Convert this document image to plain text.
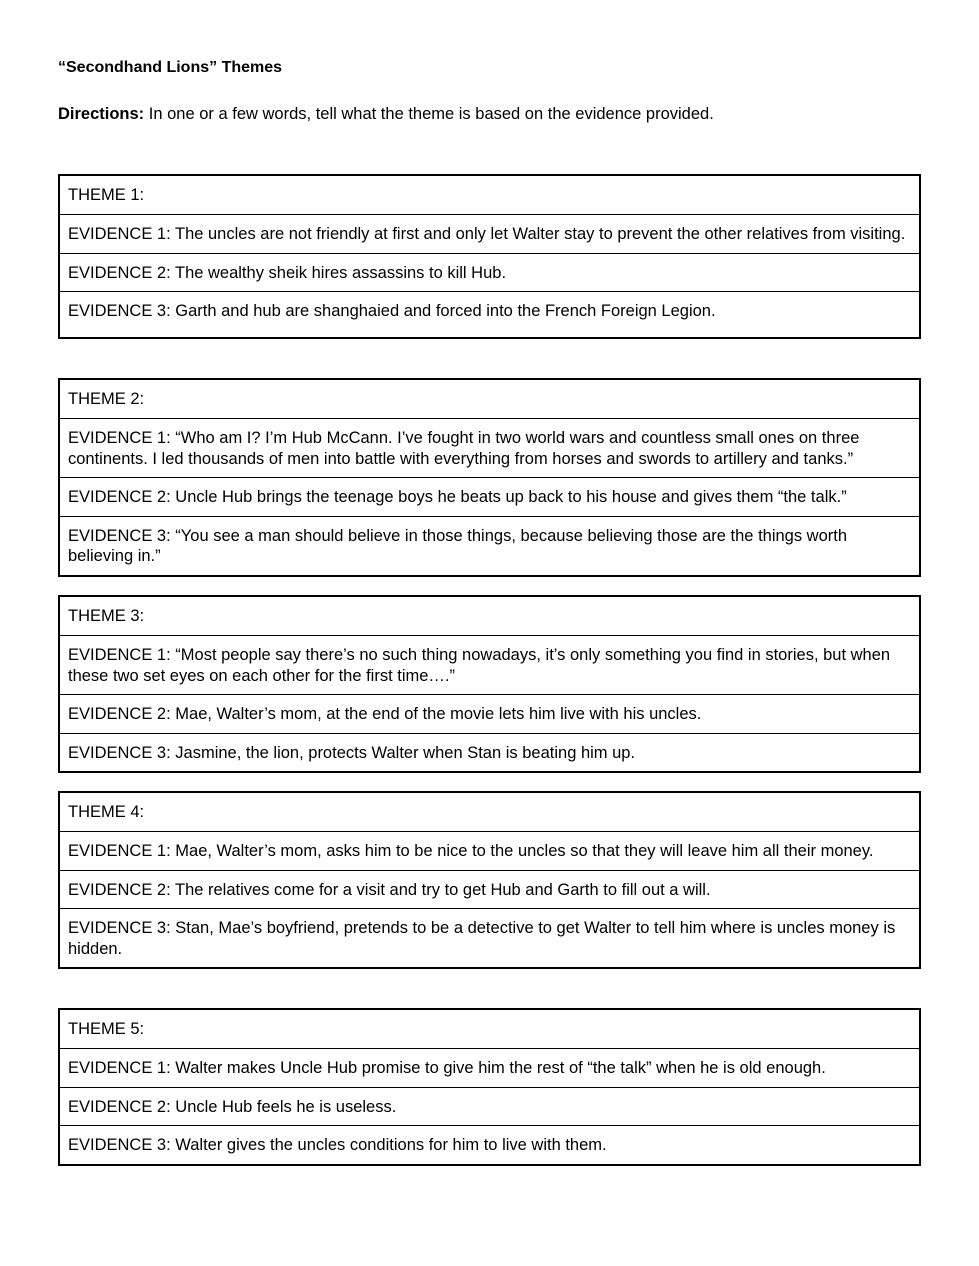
“Secondhand Lions” Themes
Directions: In one or a few words, tell what the theme is based on the evidence provided.
THEME 1:
EVIDENCE 1: The uncles are not friendly at first and only let Walter stay to prevent the other relatives from visiting.
EVIDENCE 2: The wealthy sheik hires assassins to kill Hub.
EVIDENCE 3: Garth and hub are shanghaied and forced into the French Foreign Legion.
THEME 2:
EVIDENCE 1: “Who am I? I’m Hub McCann. I’ve fought in two world wars and countless small ones on three continents. I led thousands of men into battle with everything from horses and swords to artillery and tanks.”
EVIDENCE 2: Uncle Hub brings the teenage boys he beats up back to his house and gives them “the talk.”
EVIDENCE 3: “You see a man should believe in those things, because believing those are the things worth believing in.”
THEME 3:
EVIDENCE 1: “Most people say there’s no such thing nowadays, it’s only something you find in stories, but when these two set eyes on each other for the first time….”
EVIDENCE 2: Mae, Walter’s mom, at the end of the movie lets him live with his uncles.
EVIDENCE 3: Jasmine, the lion, protects Walter when Stan is beating him up.
THEME 4:
EVIDENCE 1: Mae, Walter’s mom, asks him to be nice to the uncles so that they will leave him all their money.
EVIDENCE 2: The relatives come for a visit and try to get Hub and Garth to fill out a will.
EVIDENCE 3: Stan, Mae’s boyfriend, pretends to be a detective to get Walter to tell him where is uncles money is hidden.
THEME 5:
EVIDENCE 1: Walter makes Uncle Hub promise to give him the rest of “the talk” when he is old enough.
EVIDENCE 2: Uncle Hub feels he is useless.
EVIDENCE 3: Walter gives the uncles conditions for him to live with them.
